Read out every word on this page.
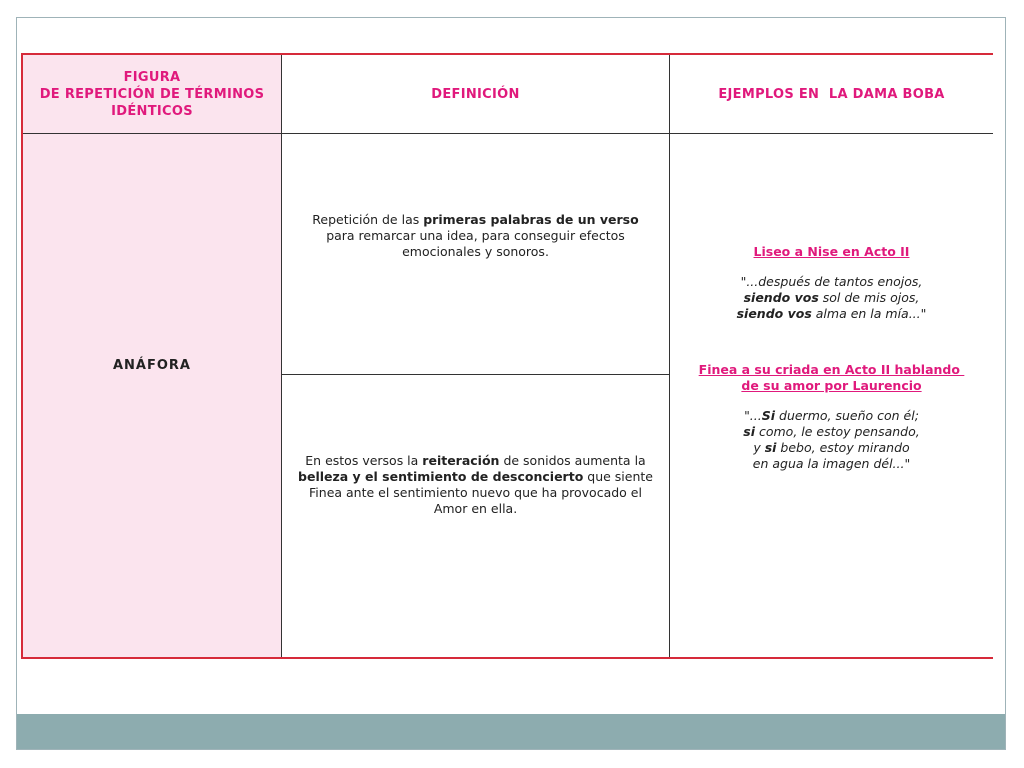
FIGURA
DE REPETICIÓN DE TÉRMINOS
IDÉNTICOS
DEFINICIÓN	EJEMPLOS EN  LA DAMA BOBA
ANÁFORA
Repetición de las primeras palabras de un verso para remarcar una idea, para conseguir efectos emocionales y sonoros.
En estos versos la reiteración de sonidos aumenta la belleza y el sentimiento de desconcierto que siente Finea ante el sentimiento nuevo que ha provocado el Amor en ella.
Liseo a Nise en Acto II
"...después de tantos enojos,
siendo vos sol de mis ojos,
siendo vos alma en la mía..."
Finea a su criada en Acto II hablando
de su amor por Laurencio
"...Si duermo, sueño con él;
si como, le estoy pensando,
y si bebo, estoy mirando
en agua la imagen dél..."
